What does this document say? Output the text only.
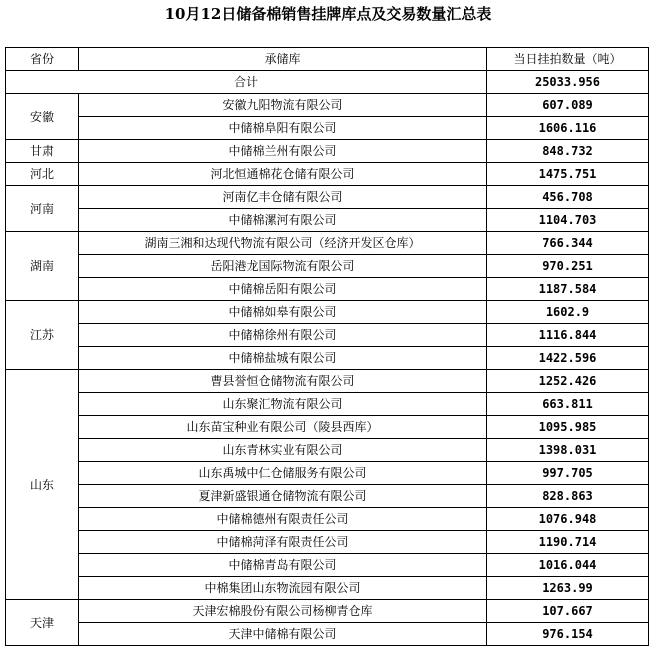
10月12日储备棉销售挂牌库点及交易数量汇总表
省份	承储库	当日挂拍数量（吨）
合计		25033.956
安徽	安徽九阳物流有限公司	607.089
	中储棉阜阳有限公司	1606.116
甘肃	中储棉兰州有限公司	848.732
河北	河北恒通棉花仓储有限公司	1475.751
河南	河南亿丰仓储有限公司	456.708
	中储棉漯河有限公司	1104.703
湖南	湖南三湘和达现代物流有限公司（经济开发区仓库）	766.344
	岳阳港龙国际物流有限公司	970.251
	中储棉岳阳有限公司	1187.584
江苏	中储棉如皋有限公司	1602.9
	中储棉徐州有限公司	1116.844
	中储棉盐城有限公司	1422.596
山东	曹县誉恒仓储物流有限公司	1252.426
	山东聚汇物流有限公司	663.811
	山东苗宝种业有限公司（陵县西库）	1095.985
	山东青林实业有限公司	1398.031
	山东禹城中仁仓储服务有限公司	997.705
	夏津新盛银通仓储物流有限公司	828.863
	中储棉德州有限责任公司	1076.948
	中储棉菏泽有限责任公司	1190.714
	中储棉青岛有限公司	1016.044
	中棉集团山东物流园有限公司	1263.99
天津	天津宏棉股份有限公司杨柳青仓库	107.667
	天津中储棉有限公司	976.154
